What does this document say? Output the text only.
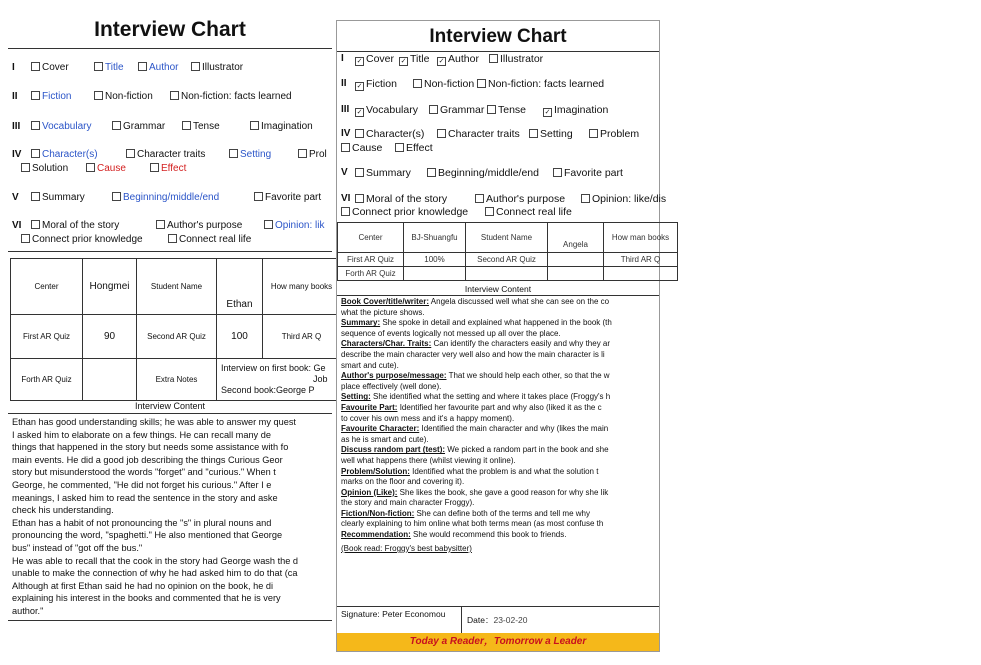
Interview Chart
I	Cover	Title	Author	Illustrator
II	Fiction	Non-fiction	Non-fiction: facts learned
III	Vocabulary	Grammar	Tense	Imagination
IV	Character(s)	Character traits	Setting	Prol
Solution	Cause	Effect
V	Summary	Beginning/middle/end	Favorite part
VI	Moral of the story	Author's purpose	Opinion: lik
Connect prior knowledge	Connect real life
Center	Hongmei	Student Name	Ethan	How many books
First AR Quiz	90	Second AR Quiz	100	Third AR Q
Forth AR Quiz		Extra Notes	Interview on first book: Ge
Job
Second book:George P	
Interview Content

Ethan has good understanding skills; he was able to answer my quest

I asked him to elaborate on a few things. He can recall many de

things that happened in the story but needs some assistance with fo

main events. He did a good job describing the things Curious Geor

story but misunderstood the words "forget" and "curious." When t

George, he commented, "He did not forget his curious." After I e

meanings, I asked him to read the sentence in the story and aske

check his understanding.

Ethan has a habit of not pronouncing the "s" in plural nouns and

pronouncing the word, "spaghetti." He also mentioned that George

bus" instead of "got off the bus."

He was able to recall that the cook in the story had George wash the d

unable to make the connection of why he had asked him to do that (ca

Although at first Ethan said he had no opinion on the book, he di

explaining his interest in the books and commented that he is very

author."

Interview Chart
I ✓	Cover ✓	Title ✓	Author	Illustrator
II ✓	Fiction	Non-fiction	Non-fiction: facts learned
III ✓	Vocabulary	Grammar	Tense ✓	Imagination
IV	Character(s)	Character traits	Setting	Problem
Cause	Effect
V	Summary	Beginning/middle/end	Favorite part
VI	Moral of the story	Author's purpose	Opinion: like/dis
Connect prior knowledge	Connect real life
Center	BJ-Shuangfu	Student Name	Angela	How man books
First AR Quiz	100%	Second AR Quiz		Third AR Q
Forth AR Quiz				
Interview Content

Book Cover/title/writer: Angela discussed well what she can see on the co

what the picture shows.

Summary: She spoke in detail and explained what happened in the book (th

sequence of events logically not messed up all over the place.

Characters/Char. Traits: Can identify the characters easily and why they ar

describe the main character very well also and how the main character is li

smart and cute).

Author's purpose/message: That we should help each other, so that the w

place effectively (well done).

Setting: She identified what the setting and where it takes place (Froggy's h

Favourite Part: Identified her favourite part and why also (liked it as the c

to cover his own mess and it's a happy moment).

Favourite Character: Identified the main character and why (likes the main

as he is smart and cute).

Discuss random part (test): We picked a random part in the book and she

well what happens there (whilst viewing it online).

Problem/Solution: Identified what the problem is and what the solution t

marks on the floor and covering it).

Opinion (Like): She likes the book, she gave a good reason for why she lik

the story and main character Froggy).

Fiction/Non-fiction: She can define both of the terms and tell me why

clearly explaining to him online what both terms mean (as most confuse th

Recommendation: She would recommend this book to friends.

(Book read: Froggy's best babysitter)

Signature: Peter Economou
Date：23-02-20
Today a Reader，Tomorrow a Leader
